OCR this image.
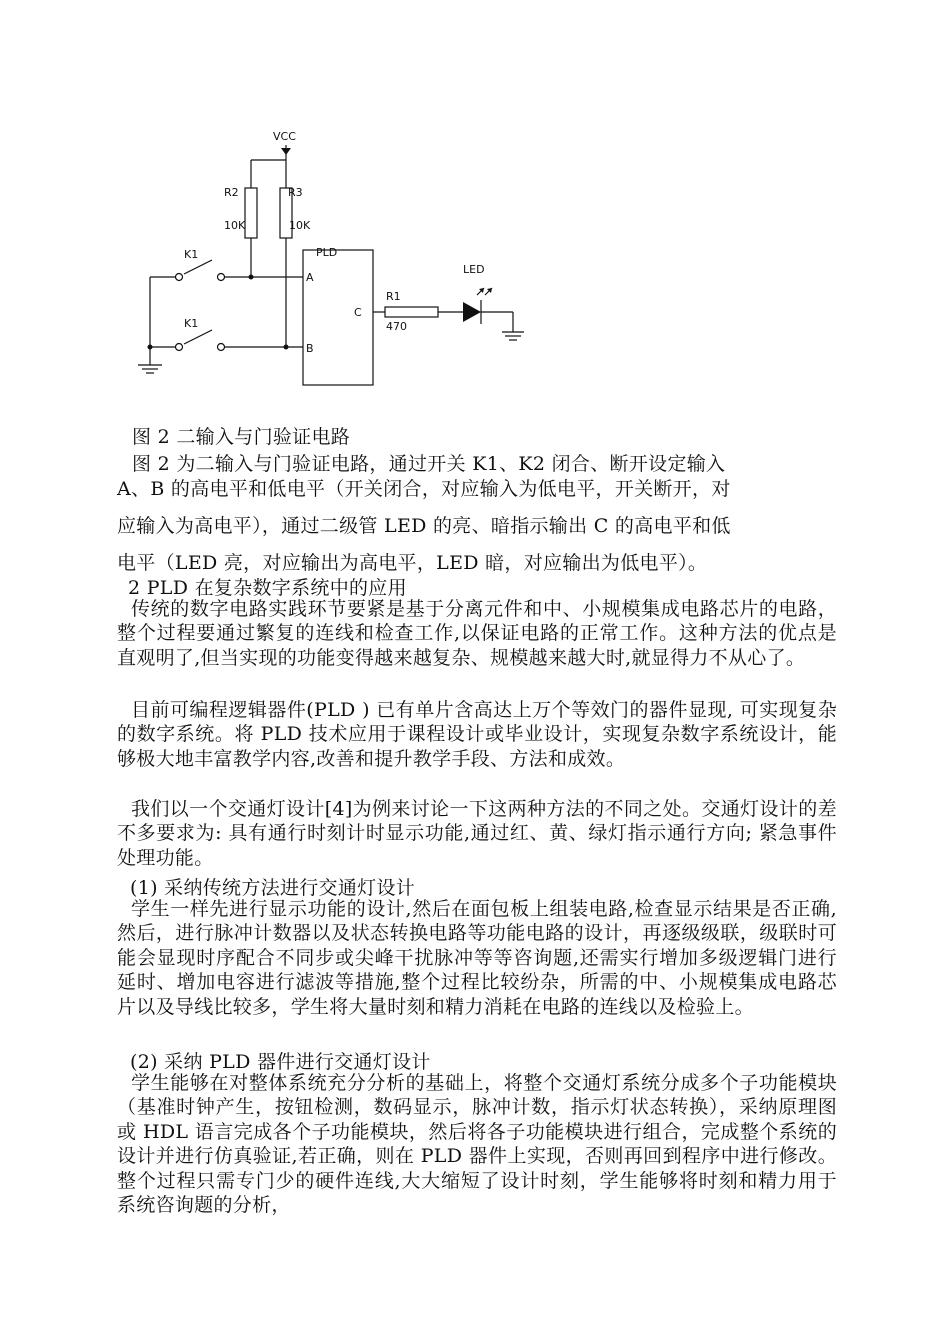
VCC
R2
10K
R3
10K
PLD
A
B
C
K1
K1
R1
470
LED

图 2 二输入与门验证电路

图 2 为二输入与门验证电路，通过开关 K1、K2 闭合、断开设定输入

A、B 的高电平和低电平（开关闭合，对应输入为低电平，开关断开，对

应输入为高电平），通过二级管 LED 的亮、暗指示输出 C 的高电平和低

电平（LED 亮，对应输出为高电平，LED 暗，对应输出为低电平）。

2 PLD 在复杂数字系统中的应用

传统的数字电路实践环节要紧是基于分离元件和中、小规模集成电路芯片的电路，整个过程要通过繁复的连线和检查工作,以保证电路的正常工作。这种方法的优点是直观明了,但当实现的功能变得越来越复杂、规模越来越大时,就显得力不从心了。

目前可编程逻辑器件(PLD ) 已有单片含高达上万个等效门的器件显现, 可实现复杂的数字系统。将 PLD 技术应用于课程设计或毕业设计，实现复杂数字系统设计，能够极大地丰富教学内容,改善和提升教学手段、方法和成效。

我们以一个交通灯设计[4]为例来讨论一下这两种方法的不同之处。交通灯设计的差不多要求为: 具有通行时刻计时显示功能,通过红、黄、绿灯指示通行方向; 紧急事件处理功能。

(1) 采纳传统方法进行交通灯设计

学生一样先进行显示功能的设计,然后在面包板上组装电路,检查显示结果是否正确,然后，进行脉冲计数器以及状态转换电路等功能电路的设计，再逐级级联，级联时可能会显现时序配合不同步或尖峰干扰脉冲等等咨询题,还需实行增加多级逻辑门进行延时、增加电容进行滤波等措施,整个过程比较纷杂，所需的中、小规模集成电路芯片以及导线比较多，学生将大量时刻和精力消耗在电路的连线以及检验上。

(2) 采纳 PLD 器件进行交通灯设计

学生能够在对整体系统充分分析的基础上，将整个交通灯系统分成多个子功能模块（基准时钟产生，按钮检测，数码显示，脉冲计数，指示灯状态转换），采纳原理图或 HDL 语言完成各个子功能模块，然后将各子功能模块进行组合，完成整个系统的设计并进行仿真验证,若正确，则在 PLD 器件上实现，否则再回到程序中进行修改。整个过程只需专门少的硬件连线,大大缩短了设计时刻，学生能够将时刻和精力用于系统咨询题的分析，
